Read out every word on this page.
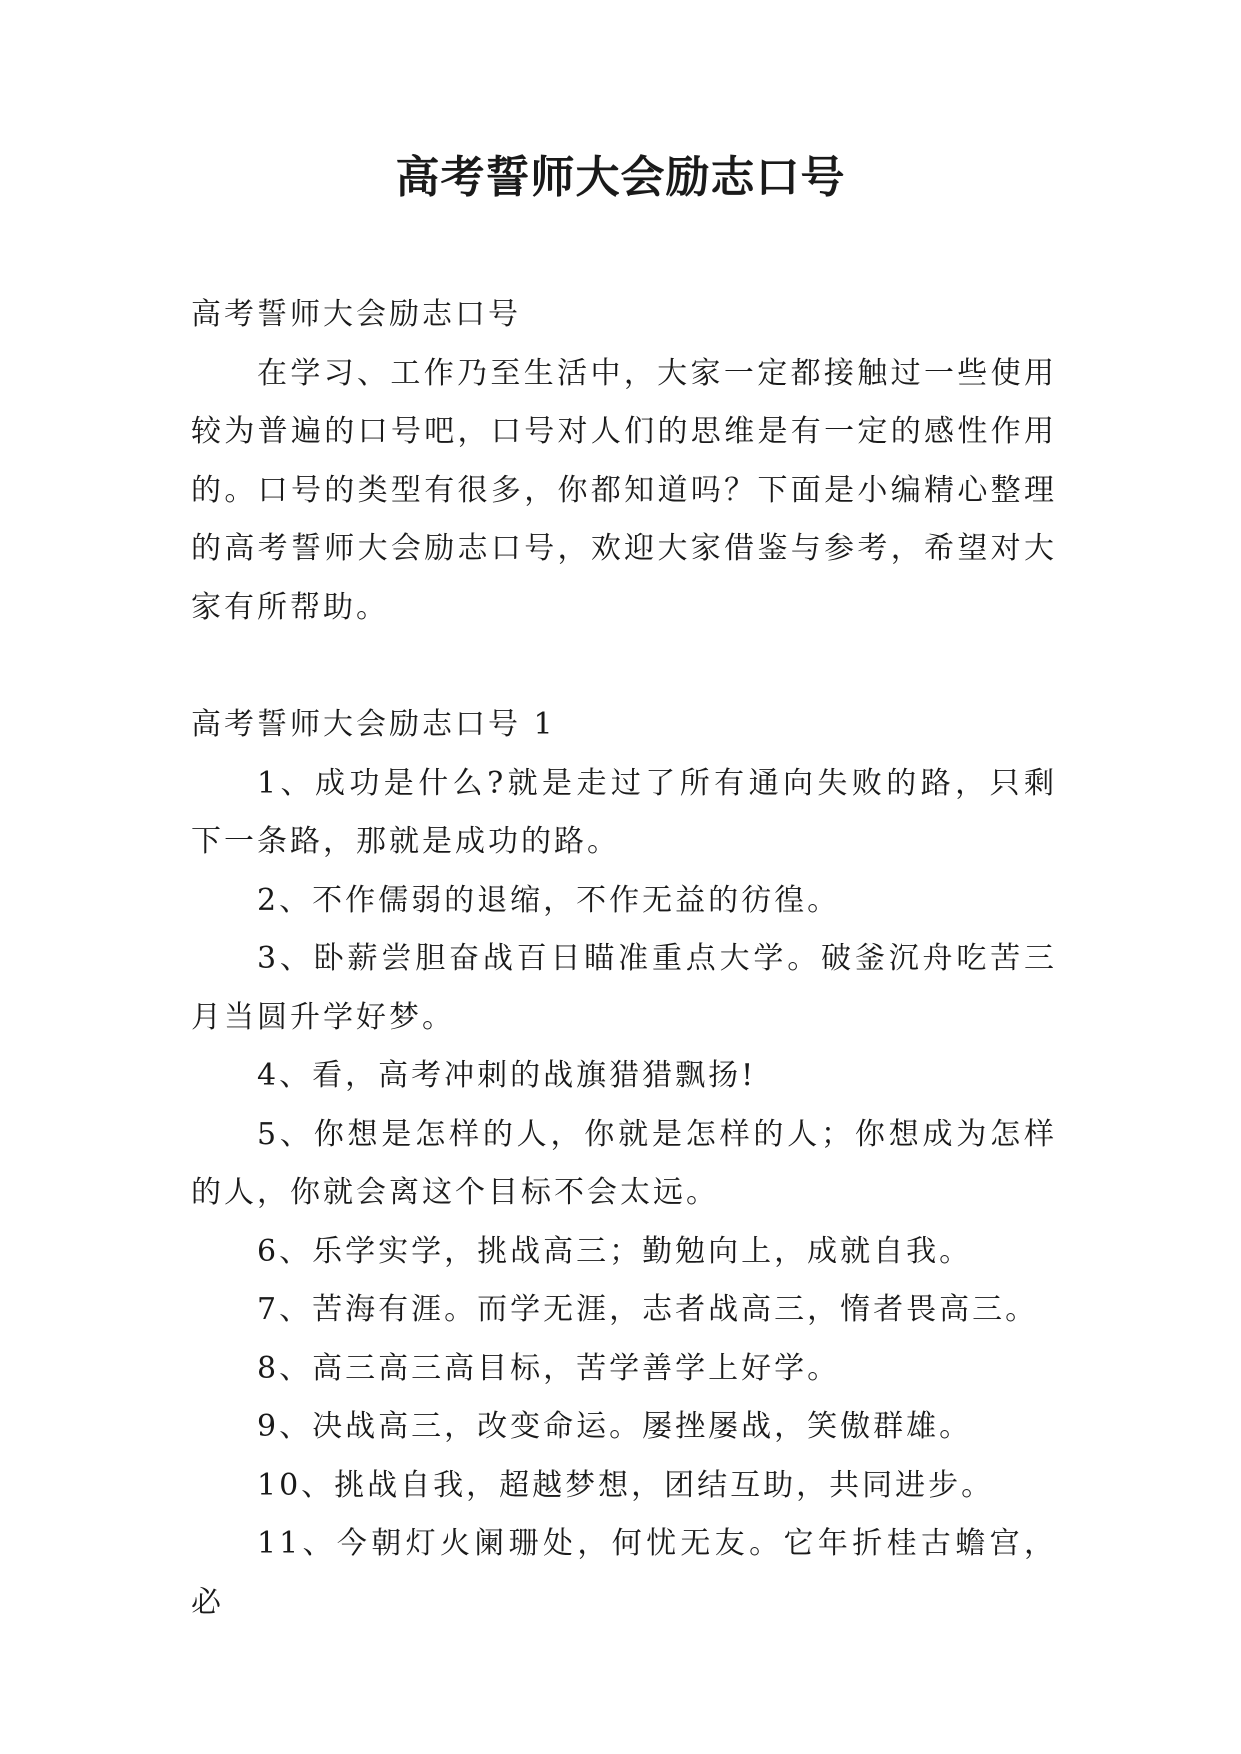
高考誓师大会励志口号

高考誓师大会励志口号

在学习、工作乃至生活中，大家一定都接触过一些使用较为普遍的口号吧，口号对人们的思维是有一定的感性作用的。口号的类型有很多，你都知道吗？下面是小编精心整理的高考誓师大会励志口号，欢迎大家借鉴与参考，希望对大家有所帮助。

高考誓师大会励志口号 1

1、成功是什么?就是走过了所有通向失败的路，只剩下一条路，那就是成功的路。

2、不作儒弱的退缩，不作无益的彷徨。

3、卧薪尝胆奋战百日瞄准重点大学。破釜沉舟吃苦三月当圆升学好梦。

4、看，高考冲刺的战旗猎猎飘扬!

5、你想是怎样的人，你就是怎样的人；你想成为怎样的人，你就会离这个目标不会太远。

6、乐学实学，挑战高三；勤勉向上，成就自我。

7、苦海有涯。而学无涯，志者战高三，惰者畏高三。

8、高三高三高目标，苦学善学上好学。

9、决战高三，改变命运。屡挫屡战，笑傲群雄。

10、挑战自我，超越梦想，团结互助，共同进步。

11、今朝灯火阑珊处，何忧无友。它年折桂古蟾宫，必
